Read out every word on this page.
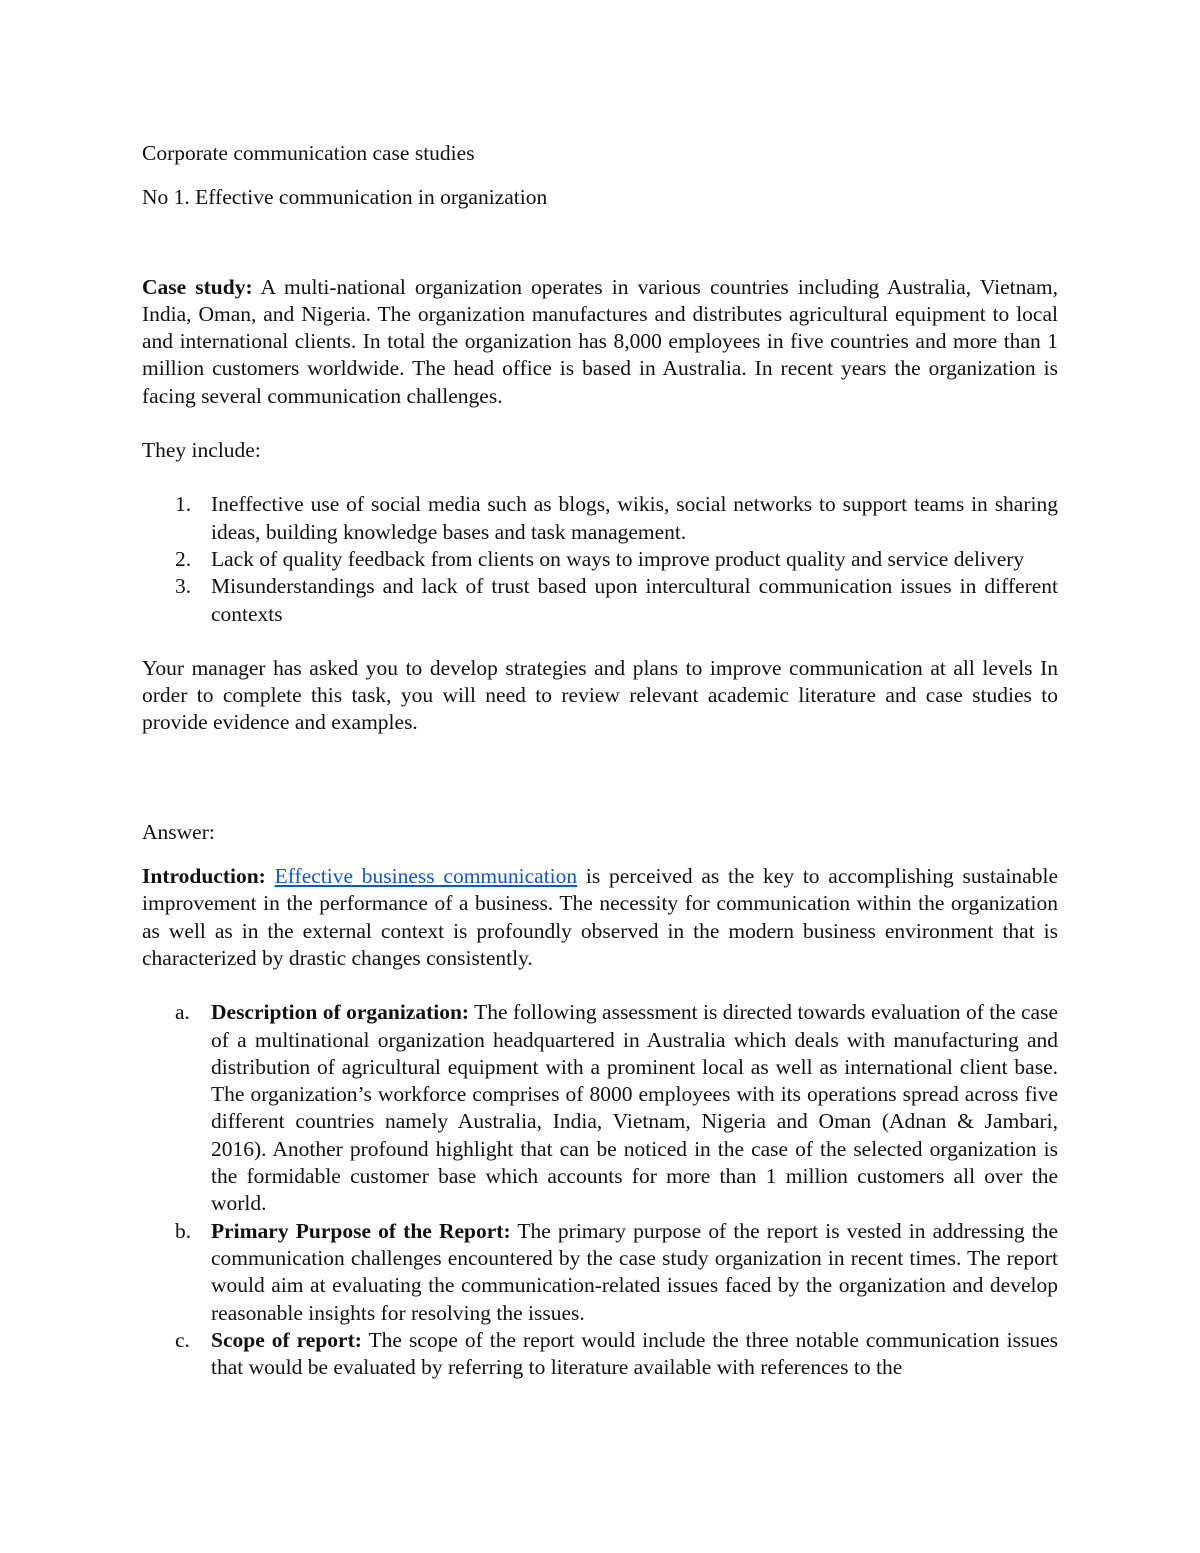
Corporate communication case studies

No 1. Effective communication in organization

Case study: A multi-national organization operates in various countries including Australia, Vietnam, India, Oman, and Nigeria. The organization manufactures and distributes agricultural equipment to local and international clients. In total the organization has 8,000 employees in five countries and more than 1 million customers worldwide. The head office is based in Australia. In recent years the organization is facing several communication challenges.

They include:

1. Ineffective use of social media such as blogs, wikis, social networks to support teams in sharing ideas, building knowledge bases and task management.
2. Lack of quality feedback from clients on ways to improve product quality and service delivery
3. Misunderstandings and lack of trust based upon intercultural communication issues in different contexts

Your manager has asked you to develop strategies and plans to improve communication at all levels In order to complete this task, you will need to review relevant academic literature and case studies to provide evidence and examples.

Answer:

Introduction: Effective business communication is perceived as the key to accomplishing sustainable improvement in the performance of a business. The necessity for communication within the organization as well as in the external context is profoundly observed in the modern business environment that is characterized by drastic changes consistently.

a. Description of organization: The following assessment is directed towards evaluation of the case of a multinational organization headquartered in Australia which deals with manufacturing and distribution of agricultural equipment with a prominent local as well as international client base. The organization’s workforce comprises of 8000 employees with its operations spread across five different countries namely Australia, India, Vietnam, Nigeria and Oman (Adnan & Jambari, 2016). Another profound highlight that can be noticed in the case of the selected organization is the formidable customer base which accounts for more than 1 million customers all over the world.
b. Primary Purpose of the Report: The primary purpose of the report is vested in addressing the communication challenges encountered by the case study organization in recent times. The report would aim at evaluating the communication-related issues faced by the organization and develop reasonable insights for resolving the issues.
c. Scope of report: The scope of the report would include the three notable communication issues that would be evaluated by referring to literature available with references to the
